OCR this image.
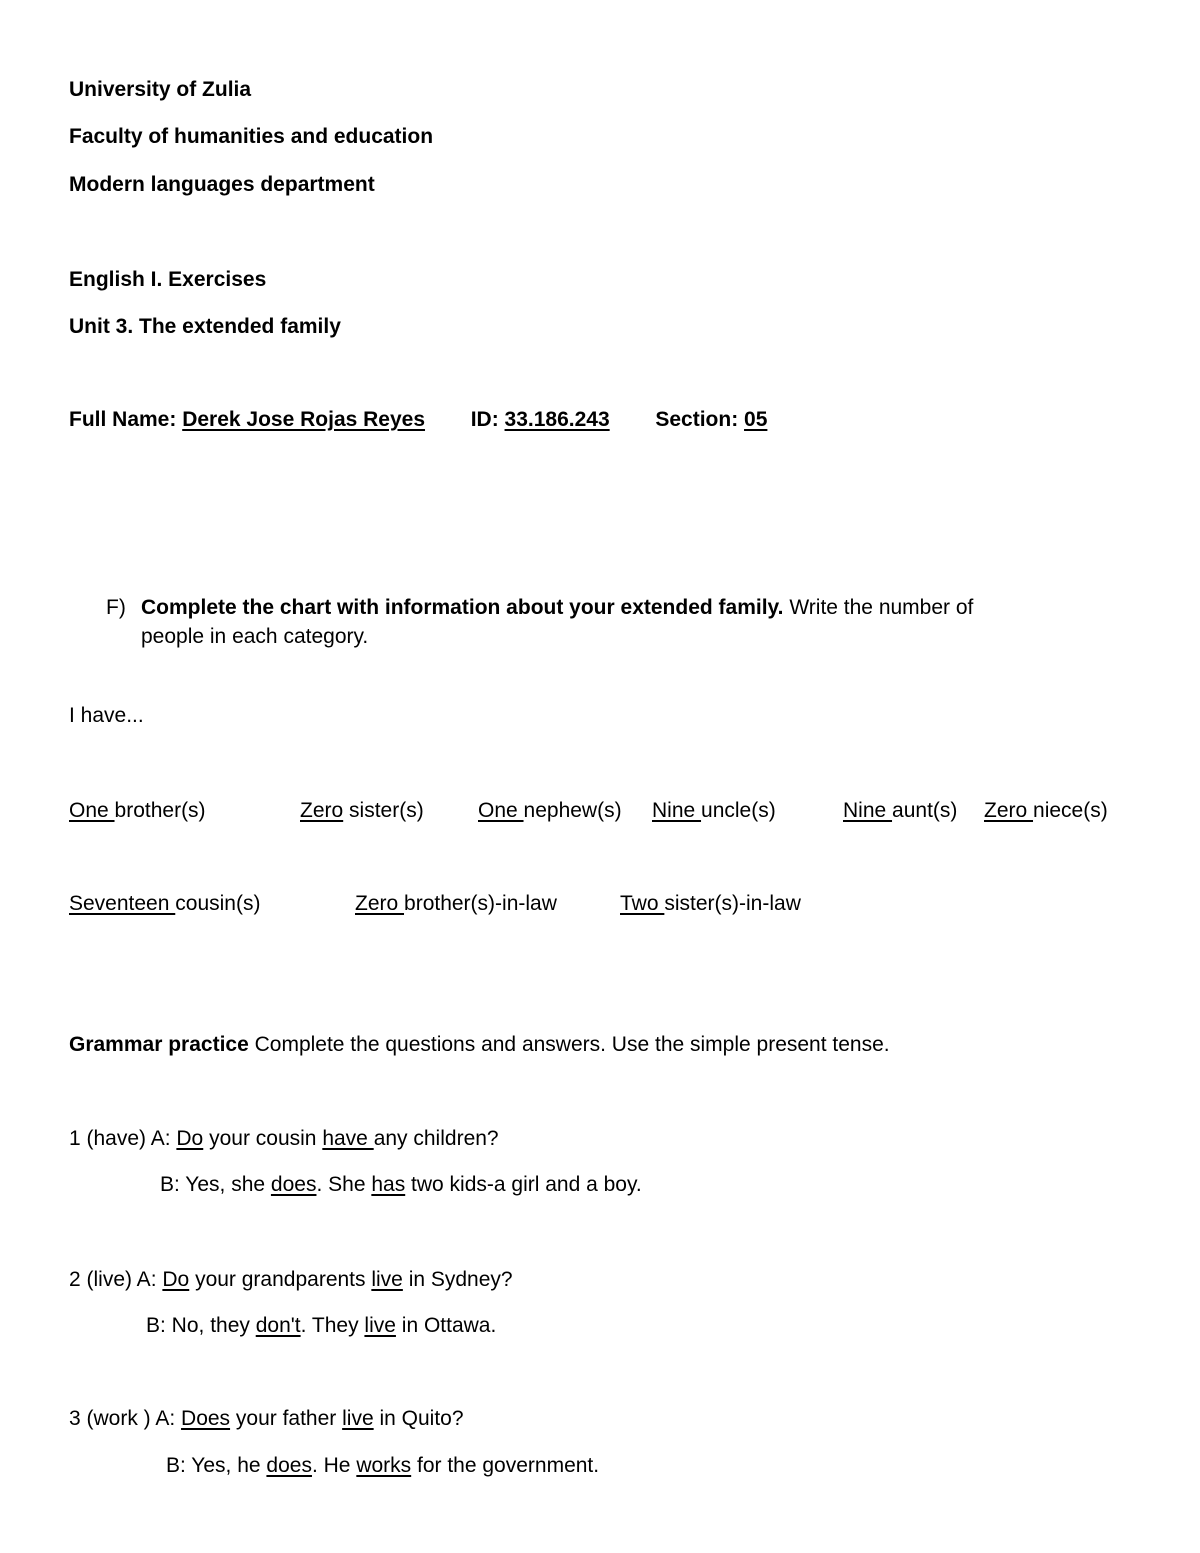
University of Zulia
Faculty of humanities and education
Modern languages department
English I. Exercises
Unit 3. The extended family
Full Name: Derek Jose Rojas Reyes ID: 33.186.243 Section: 05
F) Complete the chart with information about your extended family. Write the number of
people in each category.
I have...
One brother(s)	Zero sister(s)	One nephew(s) Nine uncle(s)	Nine aunt(s) Zero niece(s)
Seventeen cousin(s)	Zero brother(s)-in-law	Two sister(s)-in-law
Grammar practice Complete the questions and answers. Use the simple present tense.
1 (have) A: Do your cousin have any children?
B: Yes, she does. She has two kids-a girl and a boy.
2 (live) A: Do your grandparents live in Sydney?
B: No, they don't. They live in Ottawa.
3 (work ) A: Does your father live in Quito?
B: Yes, he does. He works for the government.
